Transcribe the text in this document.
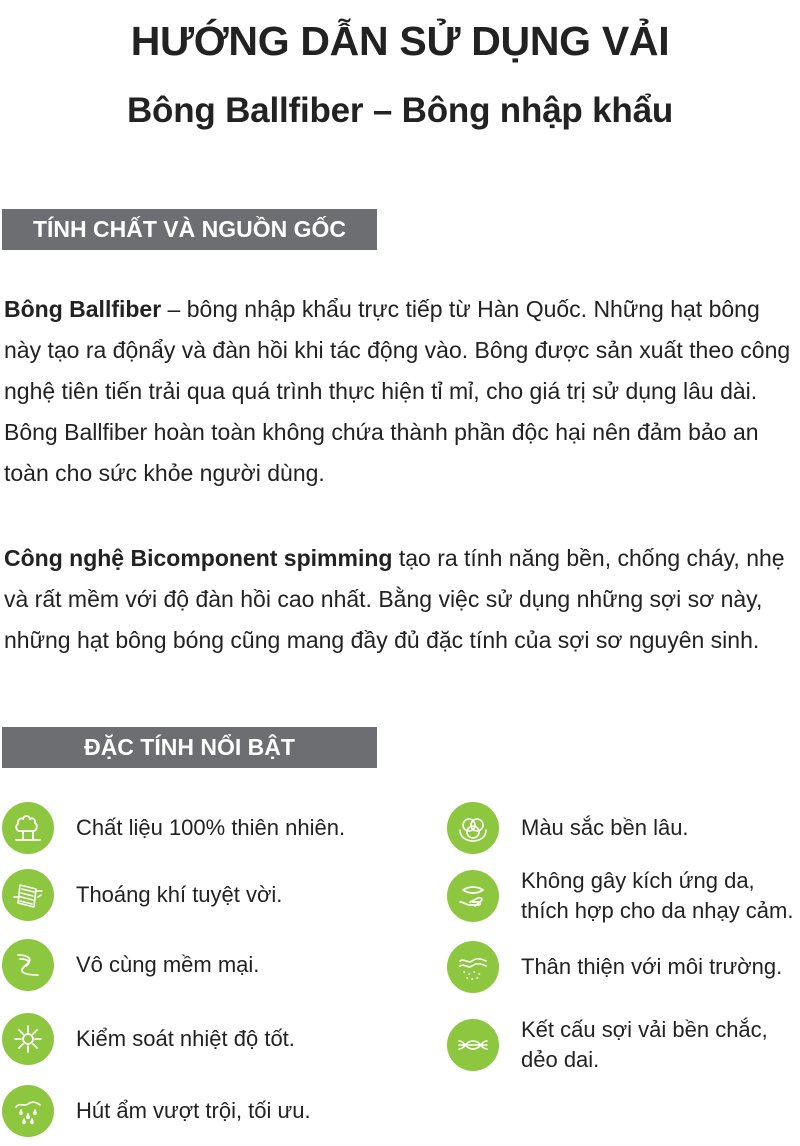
HƯỚNG DẪN SỬ DỤNG VẢI
Bông Ballfiber – Bông nhập khẩu
TÍNH CHẤT VÀ NGUỒN GỐC
Bông Ballfiber – bông nhập khẩu trực tiếp từ Hàn Quốc. Những hạt bông này tạo ra độnẩy và đàn hồi khi tác động vào. Bông được sản xuất theo công nghệ tiên tiến trải qua quá trình thực hiện tỉ mỉ, cho giá trị sử dụng lâu dài. Bông Ballfiber hoàn toàn không chứa thành phần độc hại nên đảm bảo an toàn cho sức khỏe người dùng.
Công nghệ Bicomponent spimming tạo ra tính năng bền, chống cháy, nhẹ và rất mềm với độ đàn hồi cao nhất. Bằng việc sử dụng những sợi sơ này, những hạt bông bóng cũng mang đầy đủ đặc tính của sợi sơ nguyên sinh.
ĐẶC TÍNH NỔI BẬT
Chất liệu 100% thiên nhiên.
Thoáng khí tuyệt vời.
Vô cùng mềm mại.
Kiểm soát nhiệt độ tốt.
Hút ẩm vượt trội, tối ưu.
Màu sắc bền lâu.
Không gây kích ứng da,
thích hợp cho da nhạy cảm.
Thân thiện với môi trường.
Kết cấu sợi vải bền chắc,
dẻo dai.
